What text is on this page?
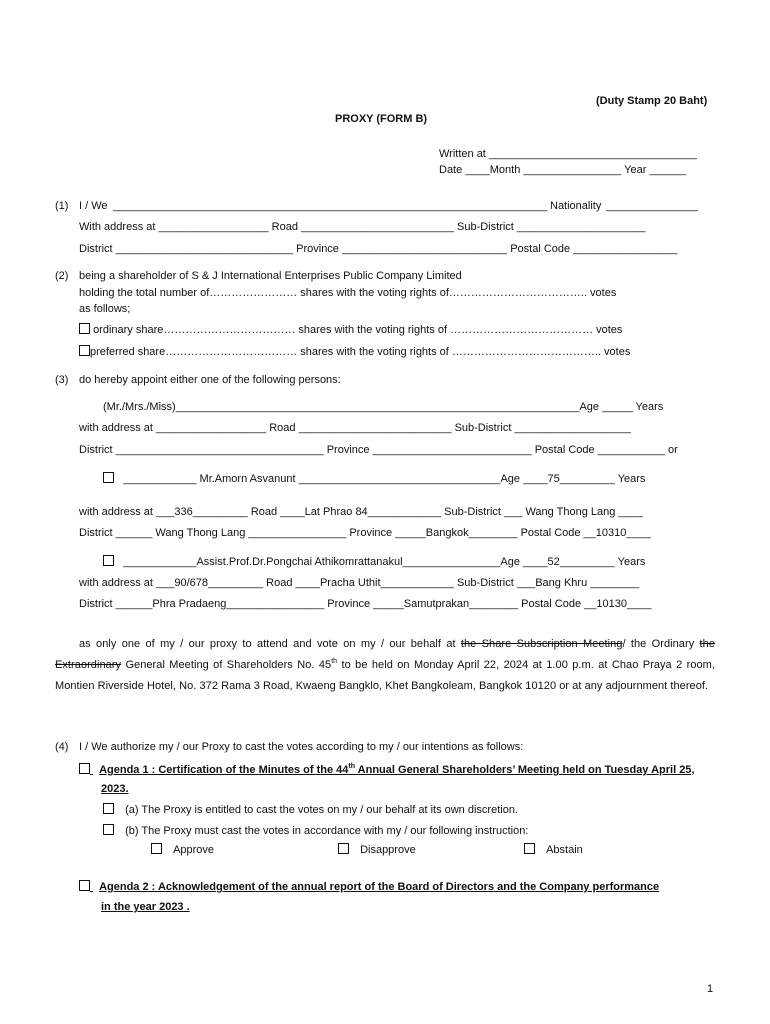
(Duty Stamp 20 Baht)
PROXY (FORM B)
Written at __________________________________
Date ____Month ________________ Year ______
(1) I / We _______________________________________________________________________ Nationality _______________
With address at __________________ Road _________________________ Sub-District _____________________
District _____________________________ Province ___________________________ Postal Code _________________
(2) being a shareholder of S & J International Enterprises Public Company Limited
holding the total number of…………………… shares with the voting rights of……………………………….. votes
as follows;
ordinary share……………………………… shares with the voting rights of ………………………………… votes
preferred share……………………………… shares with the voting rights of ………………………………….. votes
(3) do hereby appoint either one of the following persons:
(Mr./Mrs./Miss)__________________________________________________________________Age _____ Years
with address at __________________ Road _________________________ Sub-District ___________________
District __________________________________ Province __________________________ Postal Code ___________ or
____________ Mr.Amorn Asvanunt _________________________________Age ____75_________ Years
with address at ___336_________ Road ____Lat Phrao 84____________ Sub-District ___ Wang Thong Lang ____
District ______ Wang Thong Lang ________________ Province _____Bangkok________ Postal Code __10310____
____________Assist.Prof.Dr.Pongchai Athikomrattanakul________________Age ____52_________ Years
with address at ___90/678_________ Road ____Pracha Uthit____________ Sub-District ___Bang Khru ________
District ______Phra Pradaeng________________ Province _____Samutprakan________ Postal Code __10130____
as only one of my / our proxy to attend and vote on my / our behalf at the Share Subscription Meeting/ the Ordinary the Extraordinary General Meeting of Shareholders No. 45th to be held on Monday April 22, 2024 at 1.00 p.m. at Chao Praya 2 room, Montien Riverside Hotel, No. 372 Rama 3 Road, Kwaeng Bangklo, Khet Bangkoleam, Bangkok 10120 or at any adjournment thereof.
(4) I / We authorize my / our Proxy to cast the votes according to my / our intentions as follows:
Agenda 1 : Certification of the Minutes of the 44th Annual General Shareholders’ Meeting held on Tuesday April 25,
2023.
(a) The Proxy is entitled to cast the votes on my / our behalf at its own discretion.
(b) The Proxy must cast the votes in accordance with my / our following instruction:
Approve	Disapprove	Abstain
Agenda 2 : Acknowledgement of the annual report of the Board of Directors and the Company performance
in the year 2023 .
1
